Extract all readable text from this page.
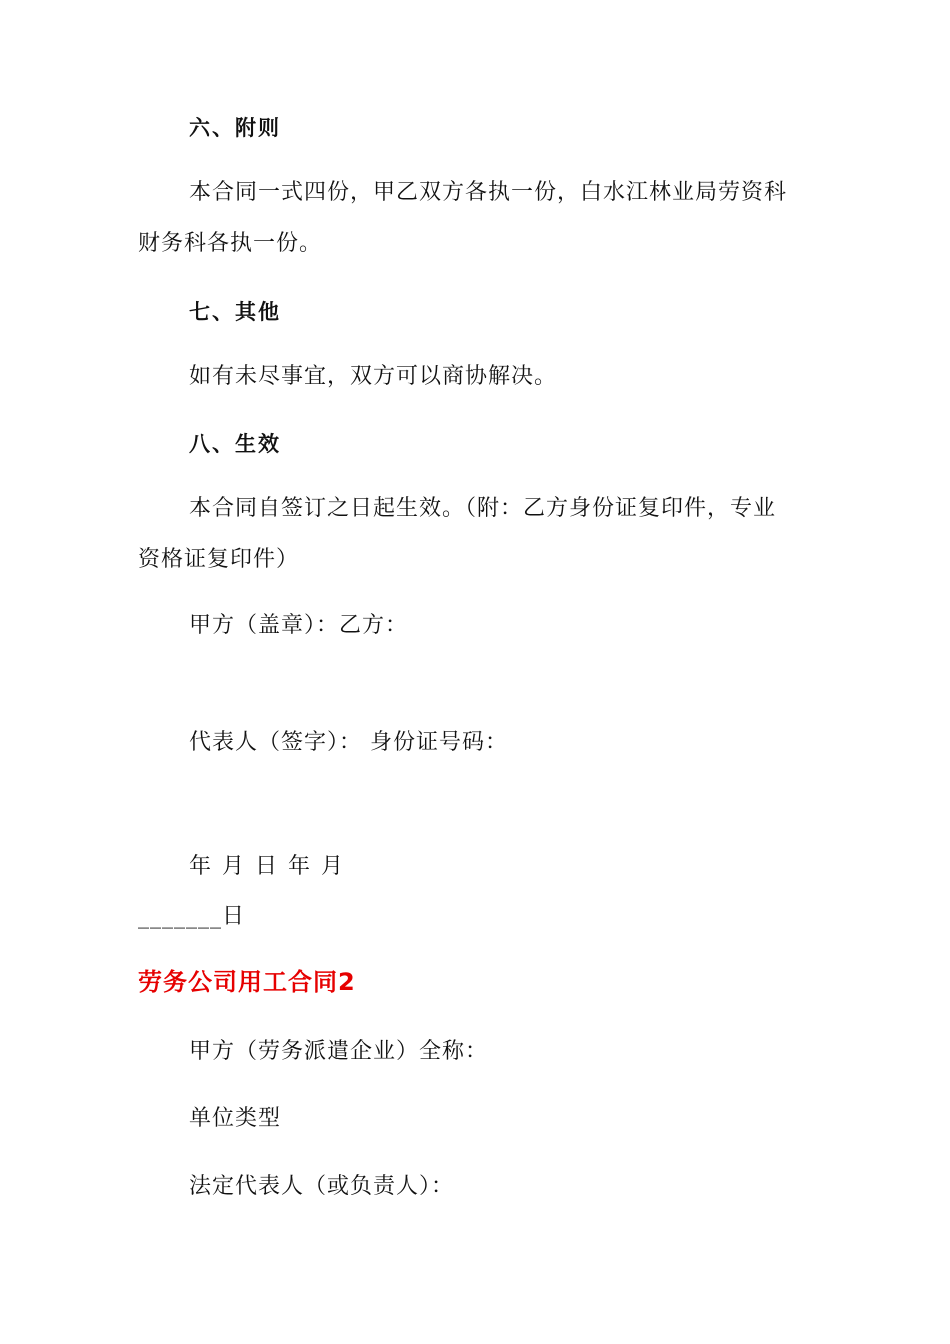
六、附则
本合同一式四份，甲乙双方各执一份，白水江林业局劳资科
财务科各执一份。
七、其他
如有未尽事宜，双方可以商协解决。
八、生效
本合同自签订之日起生效。（附：乙方身份证复印件，专业
资格证复印件）
甲方（盖章）：乙方：
代表人（签字）： 身份证号码：
年 月 日 年 月
_______日
劳务公司用工合同2
甲方（劳务派遣企业）全称：
单位类型
法定代表人（或负责人）：
